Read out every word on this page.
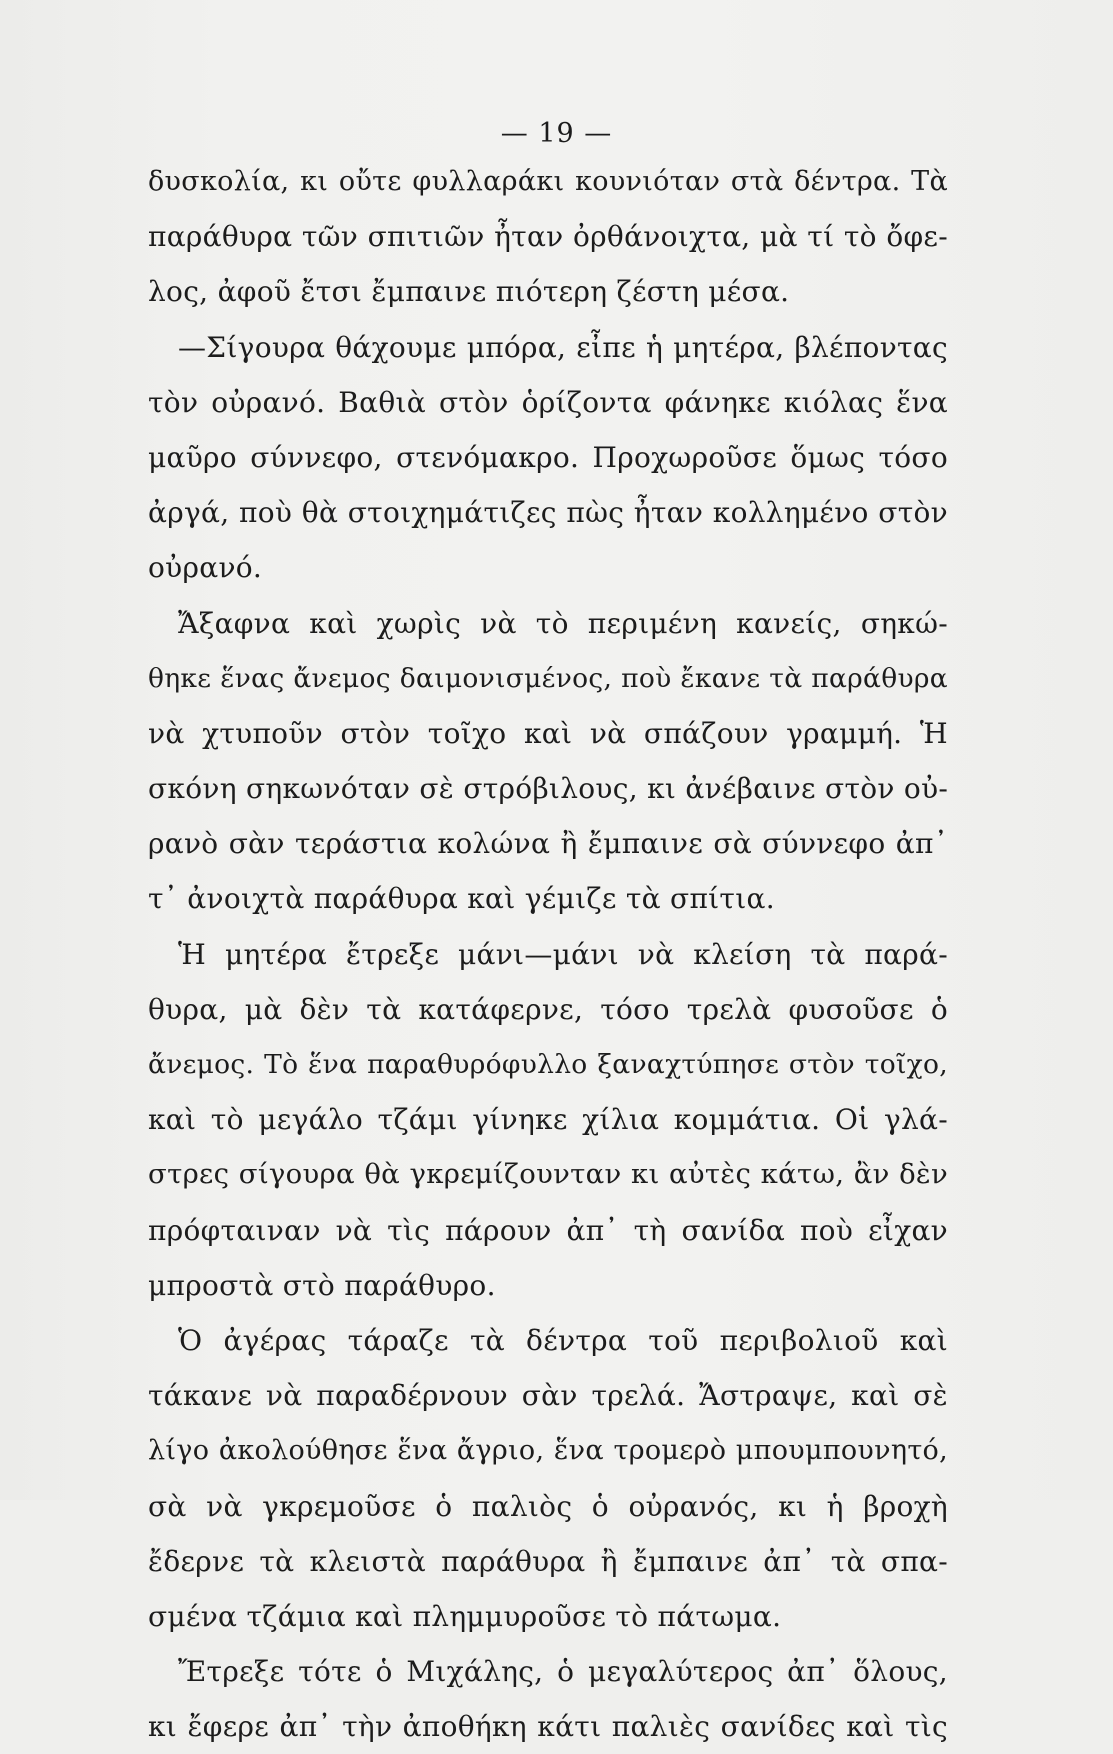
— 19 —
δυσκολία, κι οὔτε φυλλαράκι κουνιόταν στὰ δέντρα. Τὰ
παράθυρα τῶν σπιτιῶν ἦταν ὀρθάνοιχτα, μὰ τί τὸ ὄφε-
λος, ἀφοῦ ἔτσι ἔμπαινε πιότερη ζέστη μέσα.
—Σίγουρα θάχουμε μπόρα, εἶπε ἡ μητέρα, βλέποντας
τὸν οὐρανό. Βαθιὰ στὸν ὁρίζοντα φάνηκε κιόλας ἕνα
μαῦρο σύννεφο, στενόμακρο. Προχωροῦσε ὅμως τόσο
ἀργά, ποὺ θὰ στοιχημάτιζες πὼς ἦταν κολλημένο στὸν
οὐρανό.
Ἄξαφνα καὶ χωρὶς νὰ τὸ περιμένη κανείς, σηκώ-
θηκε ἕνας ἄνεμος δαιμονισμένος, ποὺ ἔκανε τὰ παράθυρα
νὰ χτυποῦν στὸν τοῖχο καὶ νὰ σπάζουν γραμμή. Ἡ
σκόνη σηκωνόταν σὲ στρόβιλους, κι ἀνέβαινε στὸν οὐ-
ρανὸ σὰν τεράστια κολώνα ἢ ἔμπαινε σὰ σύννεφο ἀπ᾿
τ᾿ ἀνοιχτὰ παράθυρα καὶ γέμιζε τὰ σπίτια.
Ἡ μητέρα ἔτρεξε μάνι—μάνι νὰ κλείση τὰ παρά-
θυρα, μὰ δὲν τὰ κατάφερνε, τόσο τρελὰ φυσοῦσε ὁ
ἄνεμος. Τὸ ἕνα παραθυρόφυλλο ξαναχτύπησε στὸν τοῖχο,
καὶ τὸ μεγάλο τζάμι γίνηκε χίλια κομμάτια. Οἱ γλά-
στρες σίγουρα θὰ γκρεμίζουνταν κι αὐτὲς κάτω, ἂν δὲν
πρόφταιναν νὰ τὶς πάρουν ἀπ᾿ τὴ σανίδα ποὺ εἶχαν
μπροστὰ στὸ παράθυρο.
Ὁ ἀγέρας τάραζε τὰ δέντρα τοῦ περιβολιοῦ καὶ
τάκανε νὰ παραδέρνουν σὰν τρελά. Ἄστραψε, καὶ σὲ
λίγο ἀκολούθησε ἕνα ἄγριο, ἕνα τρομερὸ μπουμπουνητό,
σὰ νὰ γκρεμοῦσε ὁ παλιὸς ὁ οὐρανός, κι ἡ βροχὴ
ἔδερνε τὰ κλειστὰ παράθυρα ἢ ἔμπαινε ἀπ᾿ τὰ σπα-
σμένα τζάμια καὶ πλημμυροῦσε τὸ πάτωμα.
Ἔτρεξε τότε ὁ Μιχάλης, ὁ μεγαλύτερος ἀπ᾿ ὅλους,
κι ἔφερε ἀπ᾿ τὴν ἀποθήκη κάτι παλιὲς σανίδες καὶ τὶς
